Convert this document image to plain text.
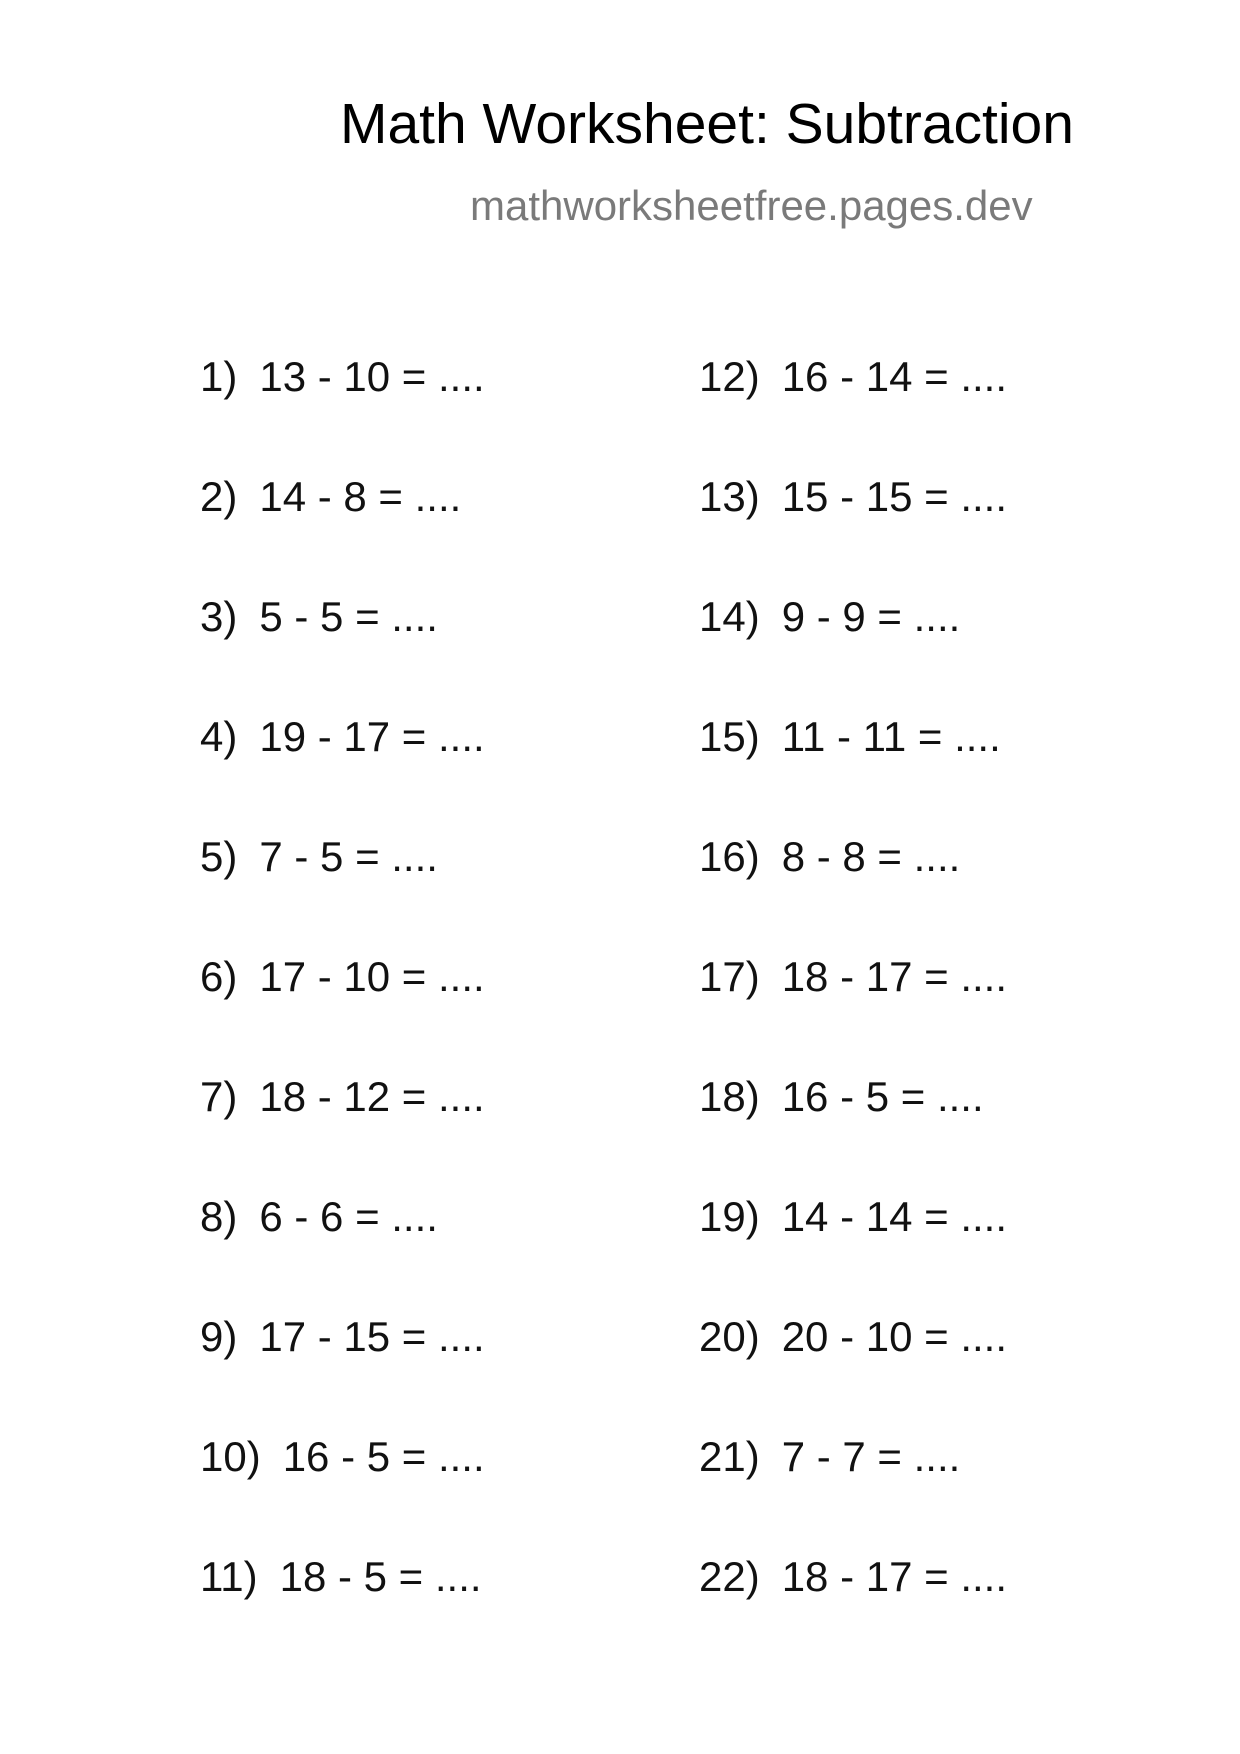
Math Worksheet: Subtraction
mathworksheetfree.pages.dev
1) 13 - 10 = ....
2) 14 - 8 = ....
3) 5 - 5 = ....
4) 19 - 17 = ....
5) 7 - 5 = ....
6) 17 - 10 = ....
7) 18 - 12 = ....
8) 6 - 6 = ....
9) 17 - 15 = ....
10) 16 - 5 = ....
11) 18 - 5 = ....
12) 16 - 14 = ....
13) 15 - 15 = ....
14) 9 - 9 = ....
15) 11 - 11 = ....
16) 8 - 8 = ....
17) 18 - 17 = ....
18) 16 - 5 = ....
19) 14 - 14 = ....
20) 20 - 10 = ....
21) 7 - 7 = ....
22) 18 - 17 = ....
